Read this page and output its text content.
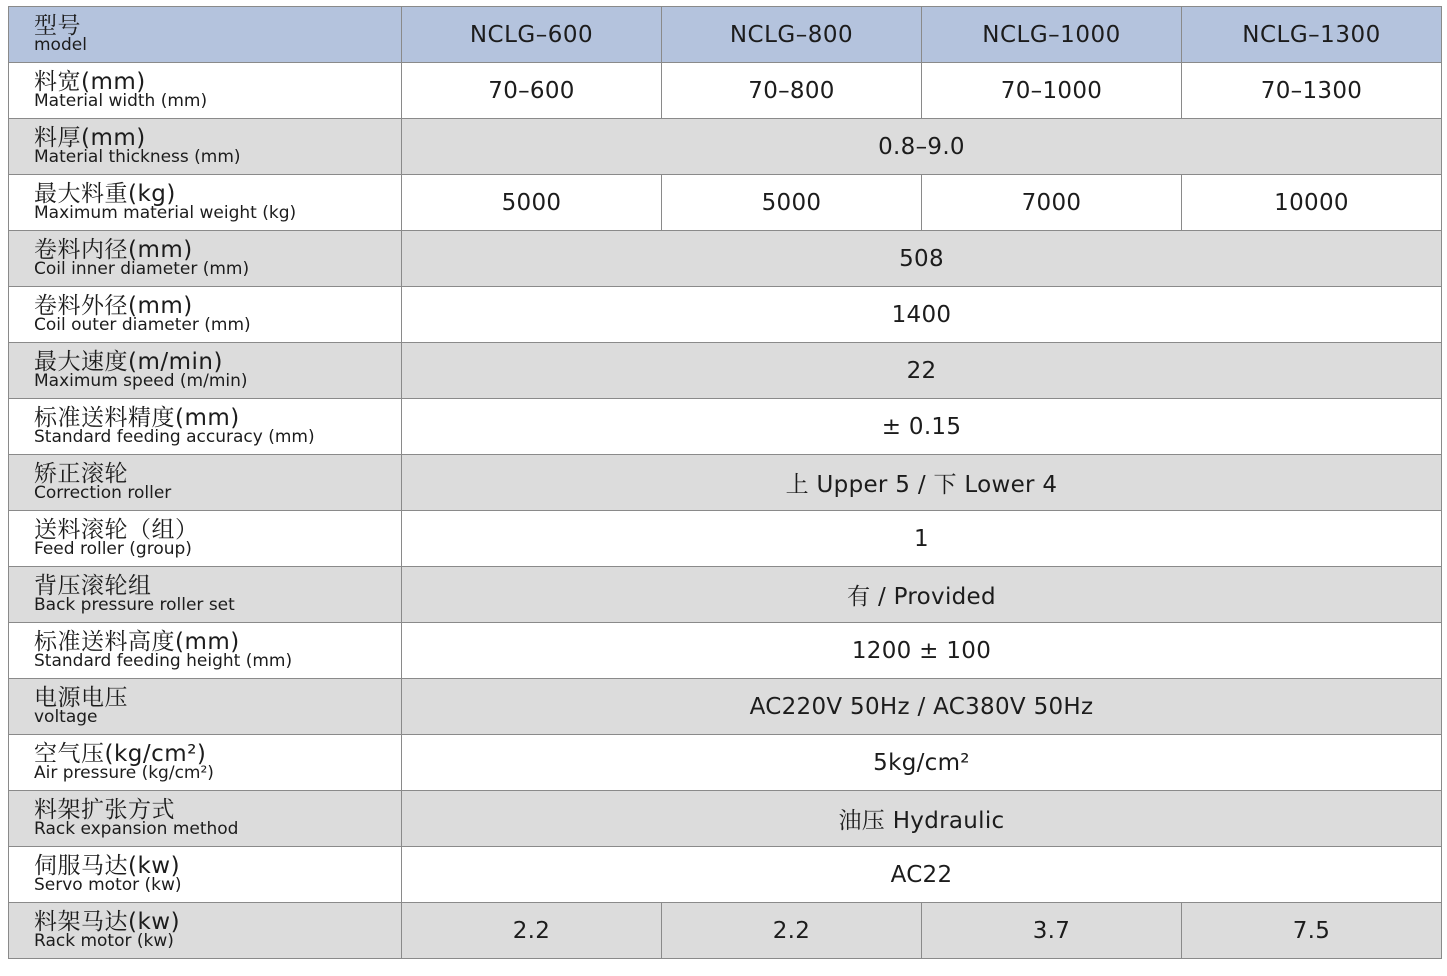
型号
model	NCLG–600	NCLG–800	NCLG–1000	NCLG–1300

料宽(mm)
Material width (mm)	70–600	70–800	70–1000	70–1300

料厚(mm)
Material thickness (mm)	0.8–9.0			

最大料重(kg)
Maximum material weight (kg)	5000	5000	7000	10000

卷料内径(mm)
Coil inner diameter (mm)	508			

卷料外径(mm)
Coil outer diameter (mm)	1400			

最大速度(m/min)
Maximum speed (m/min)	22			

标准送料精度(mm)
Standard feeding accuracy (mm)	± 0.15			

矫正滚轮
Correction roller	上 Upper 5 / 下 Lower 4			

送料滚轮（组）
Feed roller (group)	1			

背压滚轮组
Back pressure roller set	有 / Provided			

标准送料高度(mm)
Standard feeding height (mm)	1200 ± 100			

电源电压
voltage	AC220V 50Hz / AC380V 50Hz			

空气压(kg/cm²)
Air pressure (kg/cm²)	5kg/cm²			

料架扩张方式
Rack expansion method	油压 Hydraulic			

伺服马达(kw)
Servo motor (kw)	AC22			

料架马达(kw)
Rack motor (kw)	2.2	2.2	3.7	7.5
